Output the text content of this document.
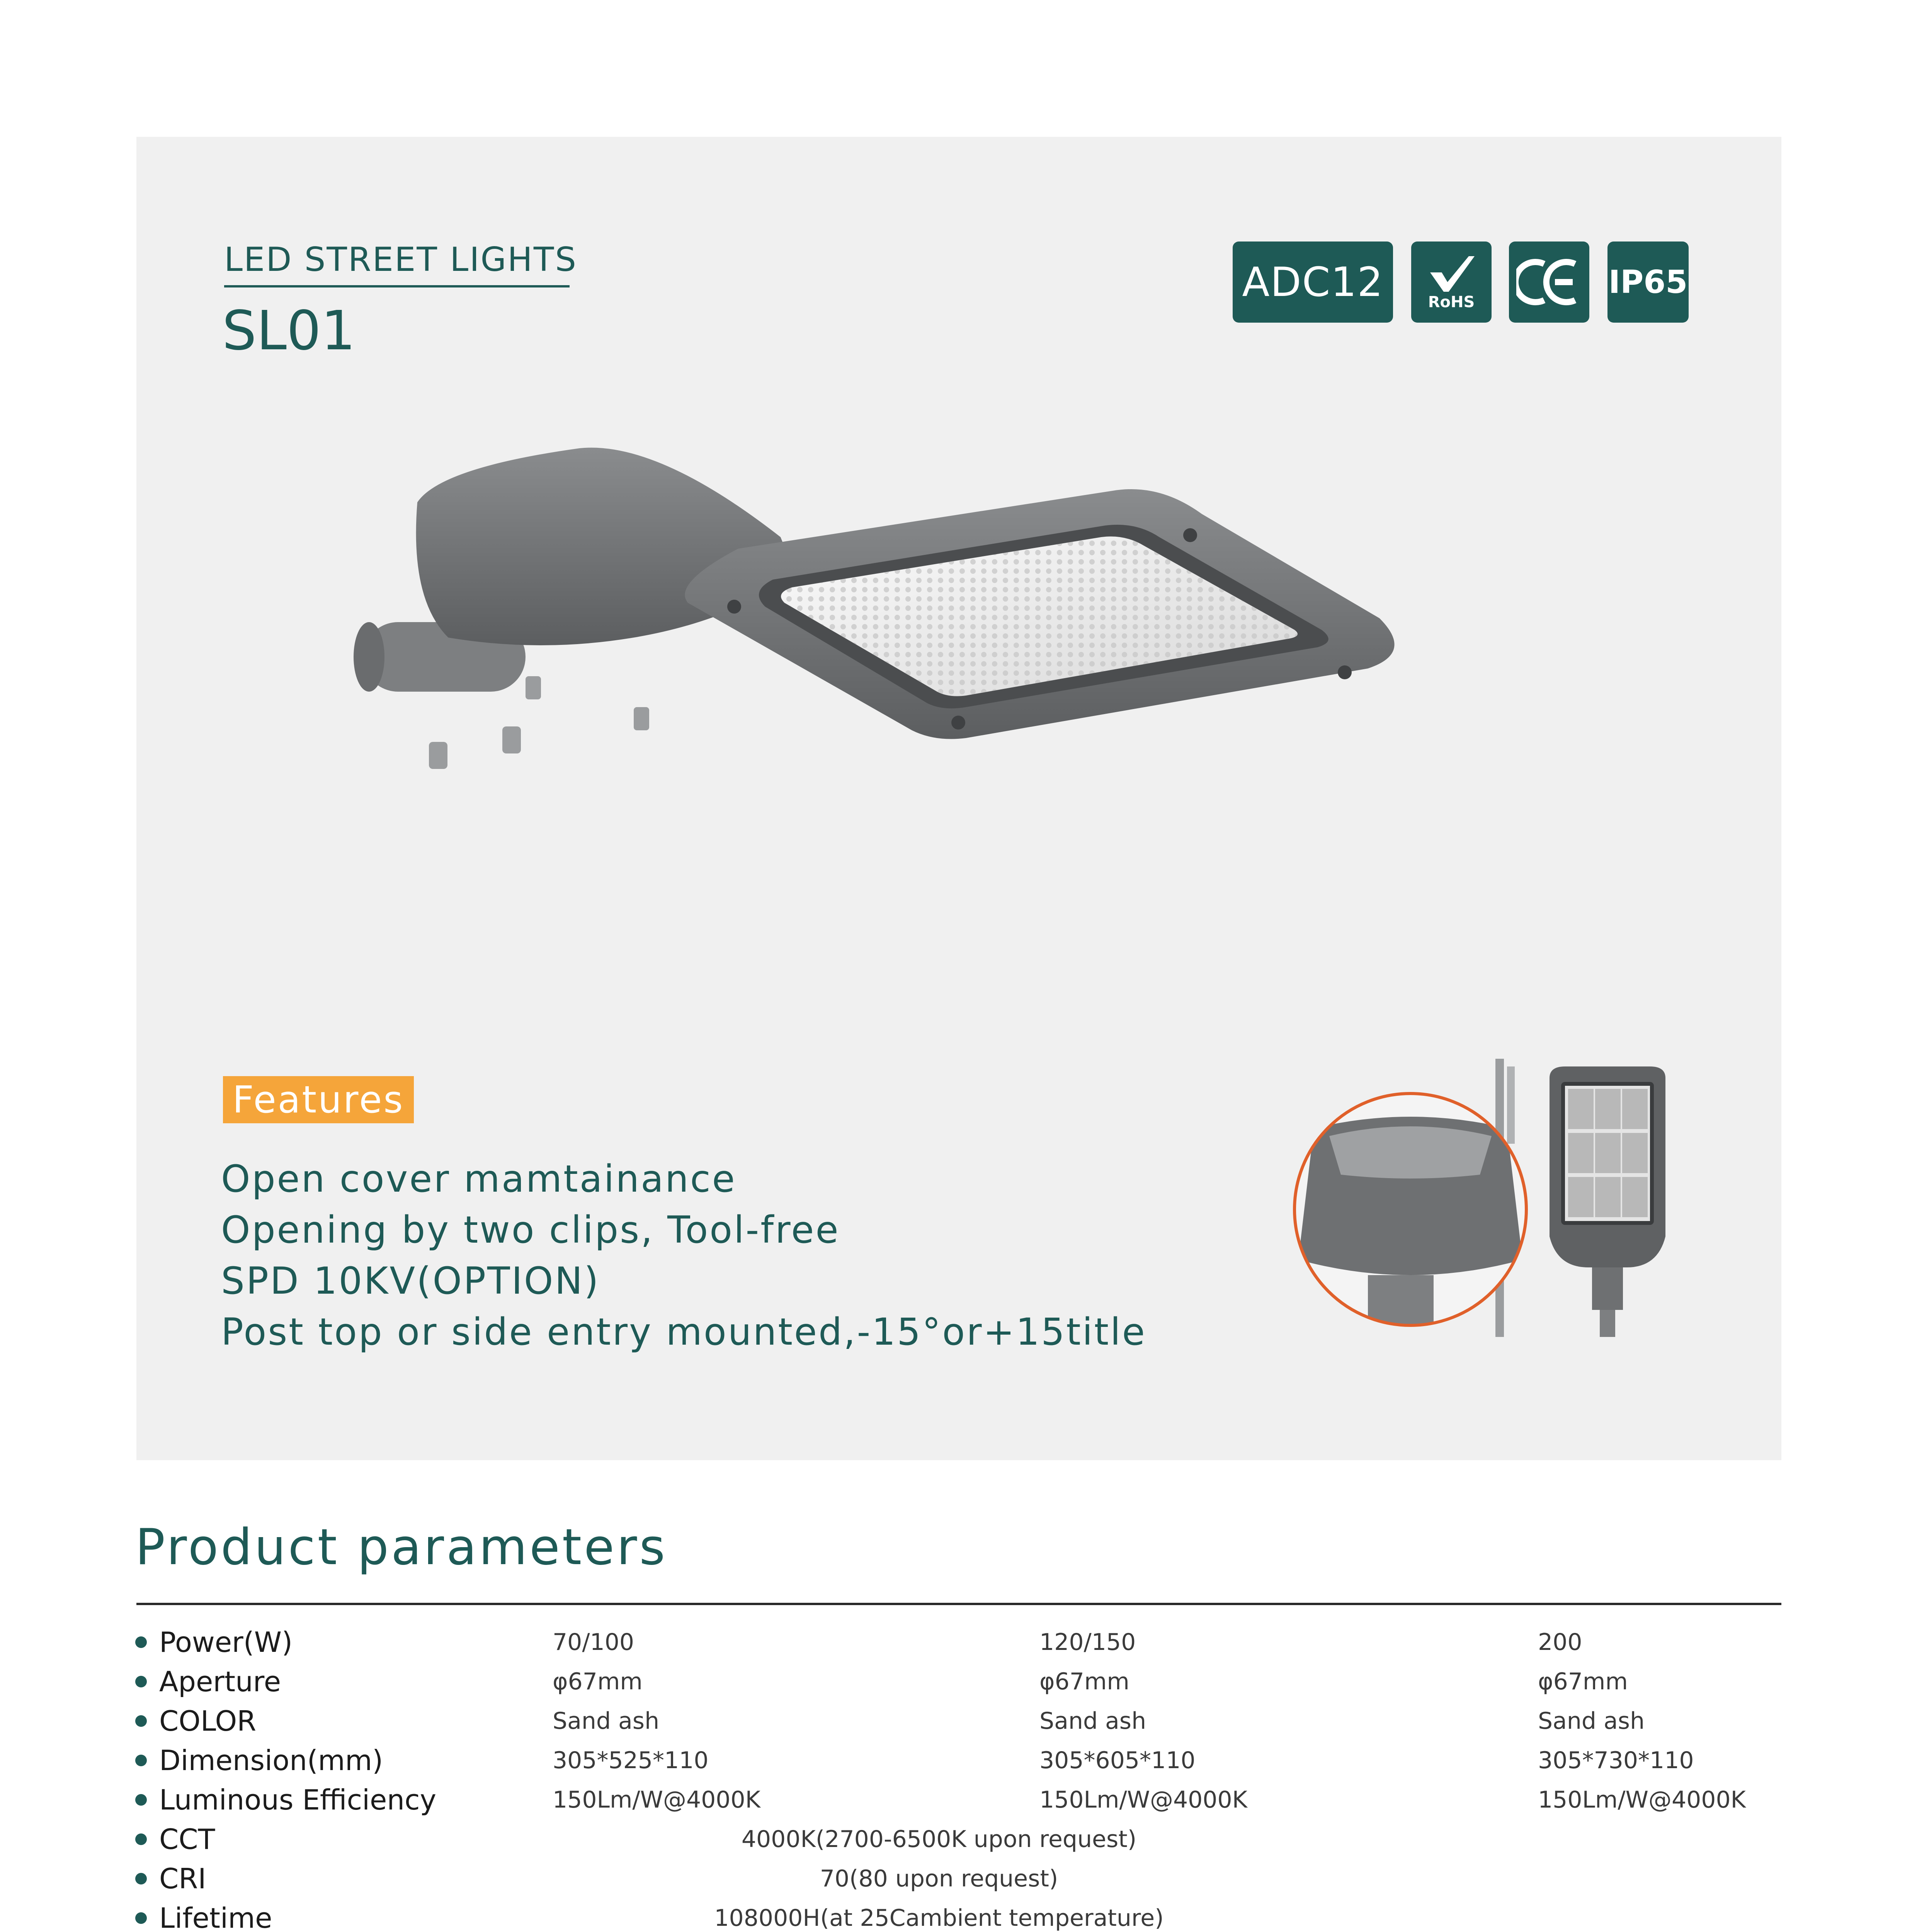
LED STREET LIGHTS
SL01
ADC12	RoHS
IP65
Features
Open cover mamtainance
Opening by two clips, Tool-free
SPD 10KV(OPTION)
Post top or side entry mounted,-15°or+15title
Product parameters
Power(W)	70/100	120/150	200
Aperture	φ67mm	φ67mm	φ67mm
COLOR	Sand ash	Sand ash	Sand ash
Dimension(mm)	305*525*110	305*605*110	305*730*110
Luminous Efficiency	150Lm/W@4000K	150Lm/W@4000K	150Lm/W@4000K
CCT	4000K(2700-6500K upon request)
CRI	70(80 upon request)
Lifetime	108000H(at 25Cambient temperature)
